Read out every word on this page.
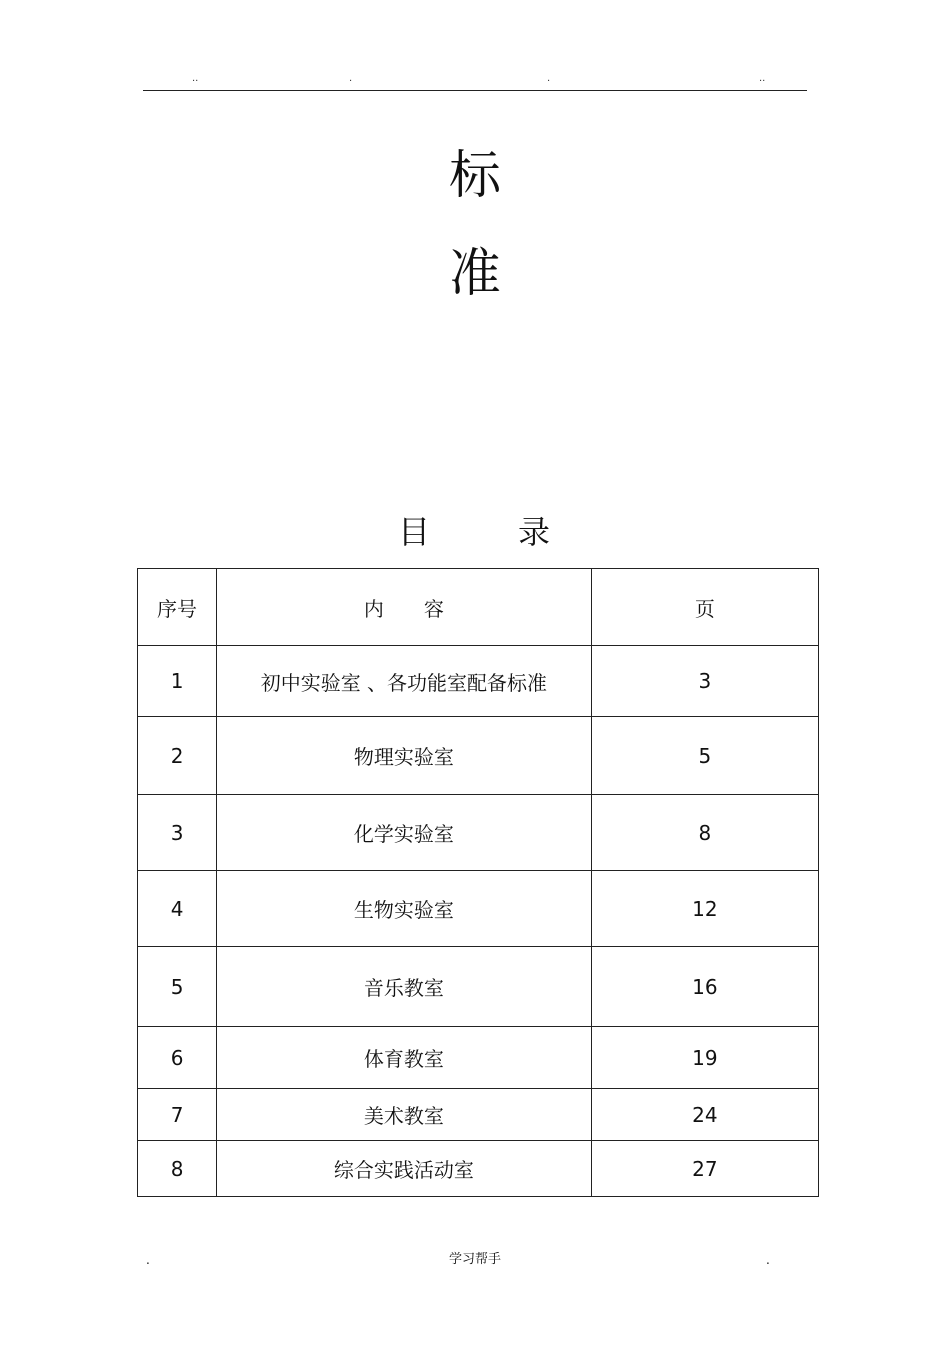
..	.	.	..
标
准
目	录
序号	内　　容	页
1	初中实验室 、各功能室配备标准	3
2	物理实验室	5
3	化学实验室	8
4	生物实验室	12
5	音乐教室	16
6	体育教室	19
7	美术教室	24
8	综合实践活动室	27
.	学习帮手	.
